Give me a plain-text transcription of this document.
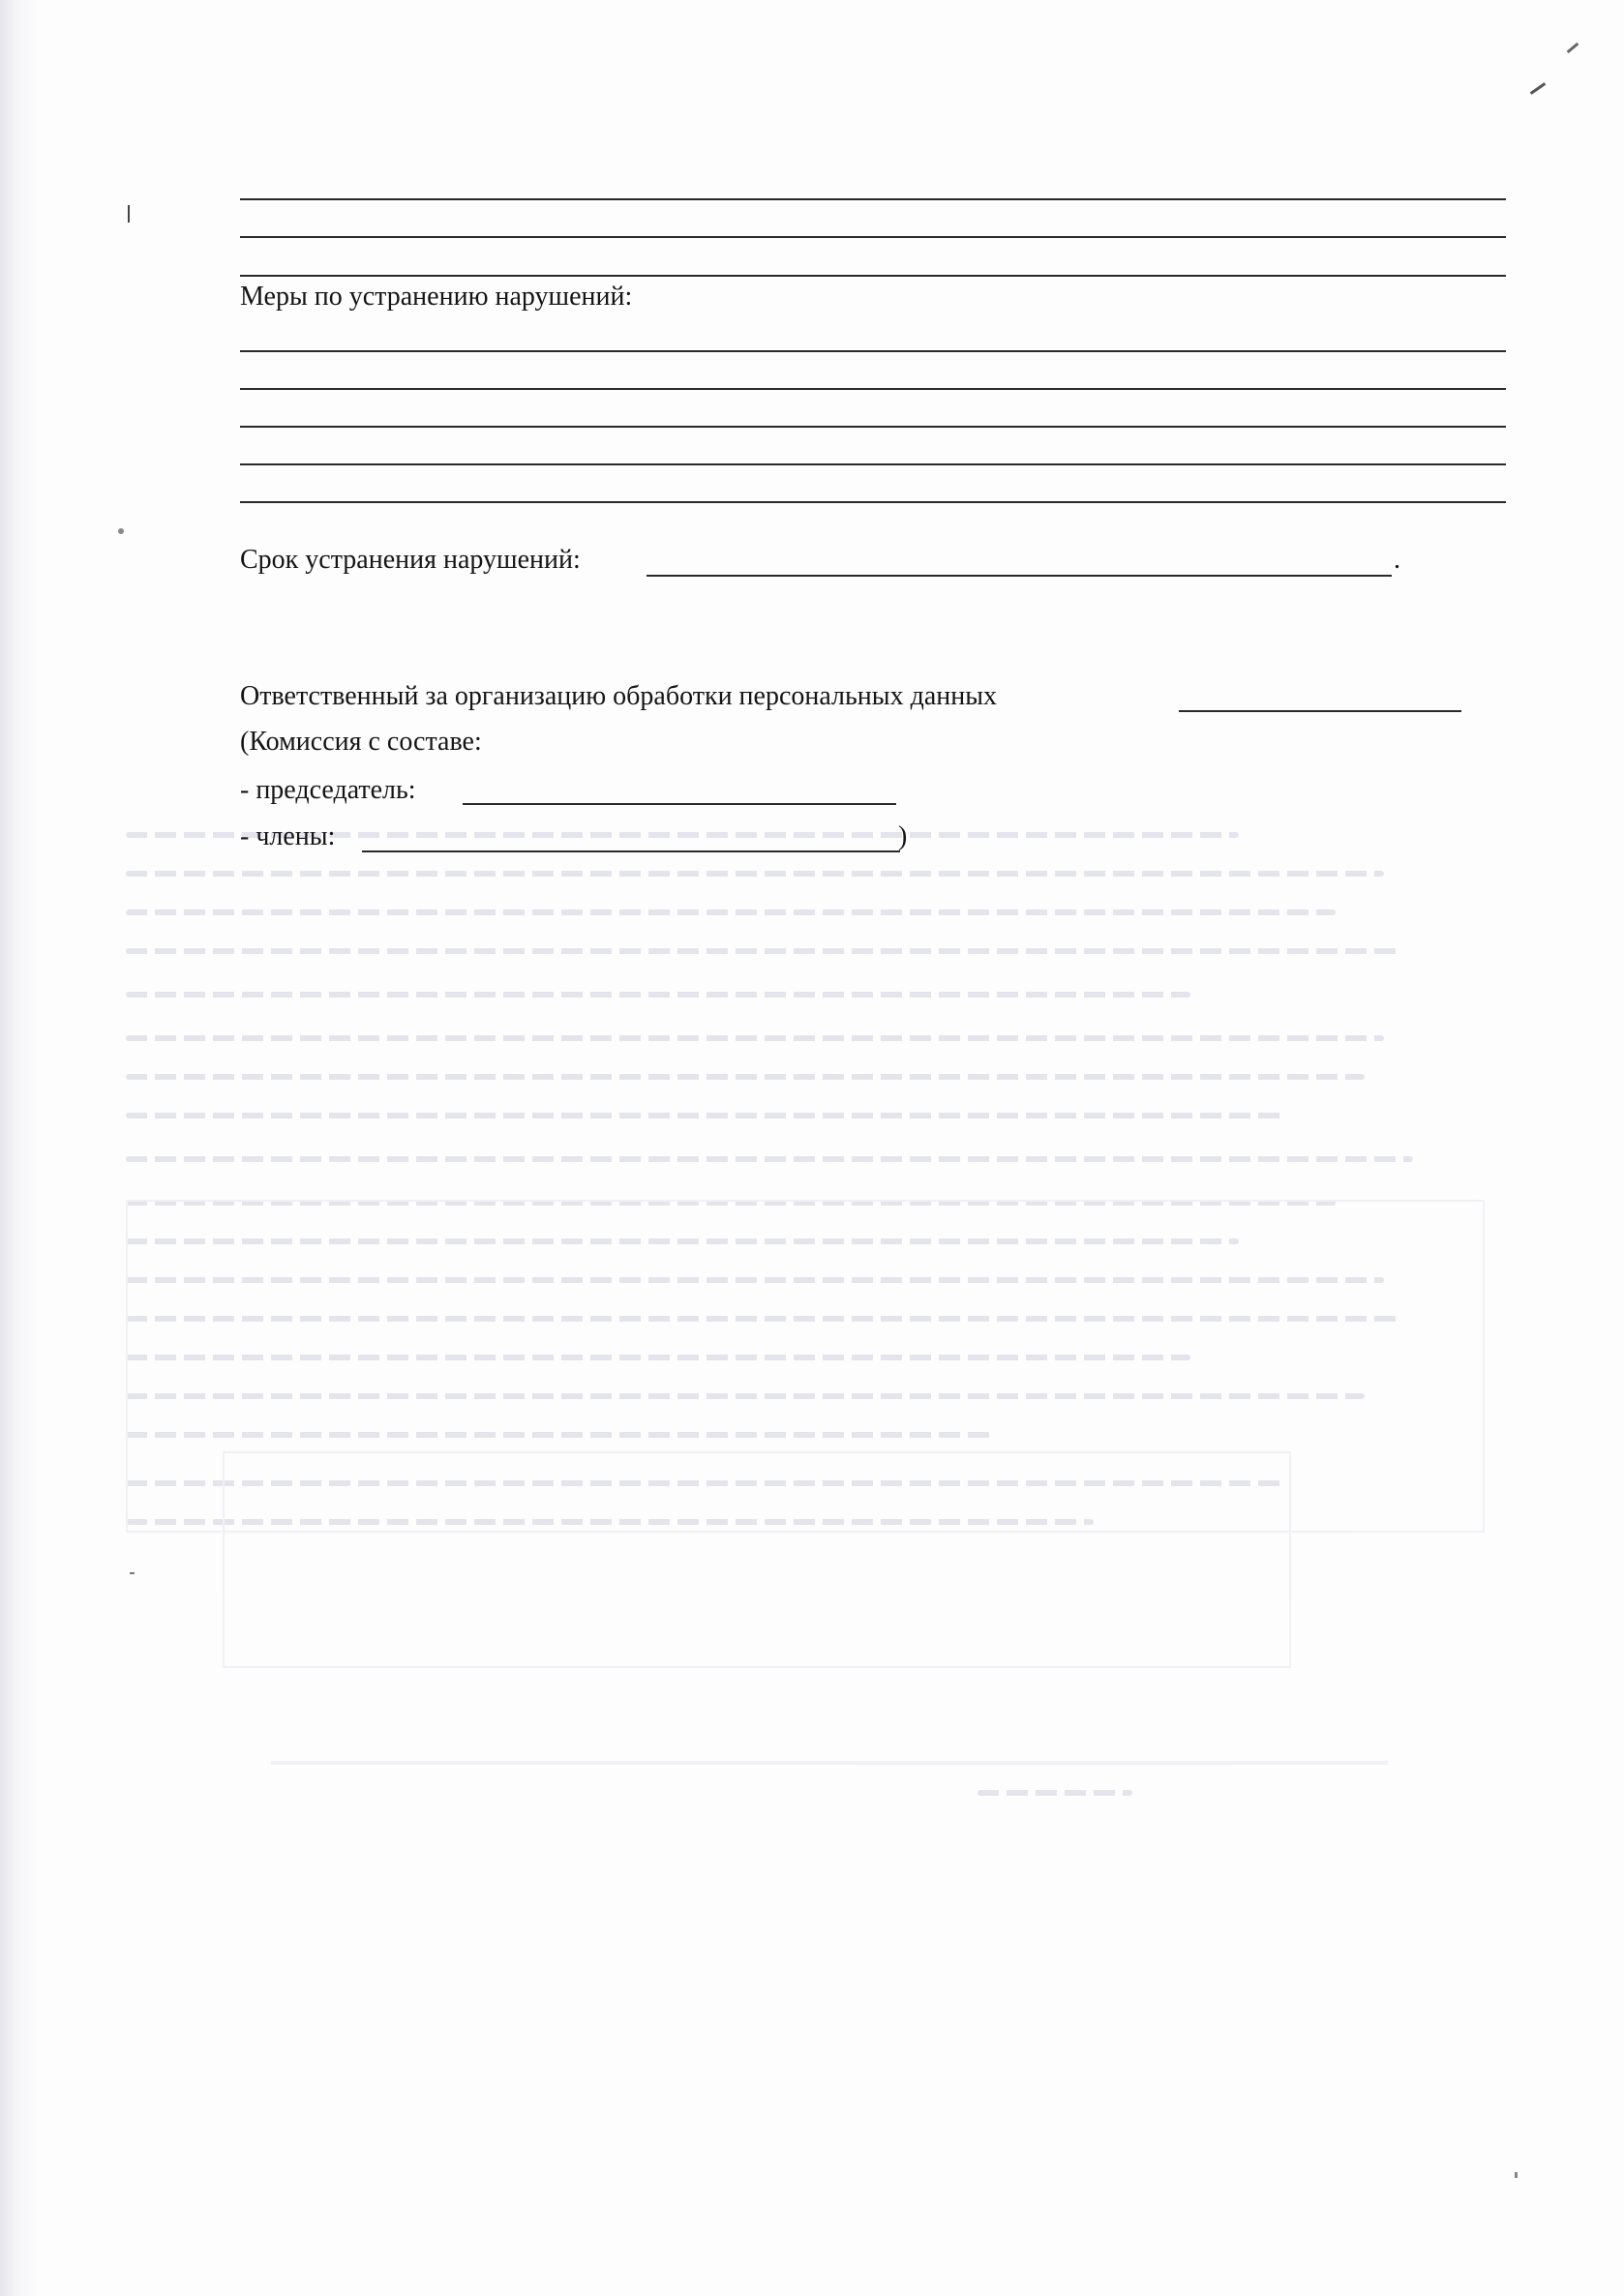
Меры по устранению нарушений:
Срок устранения нарушений:	.
Ответственный за организацию обработки персональных данных
(Комиссия с составе:
- председатель:
- члены:	)
